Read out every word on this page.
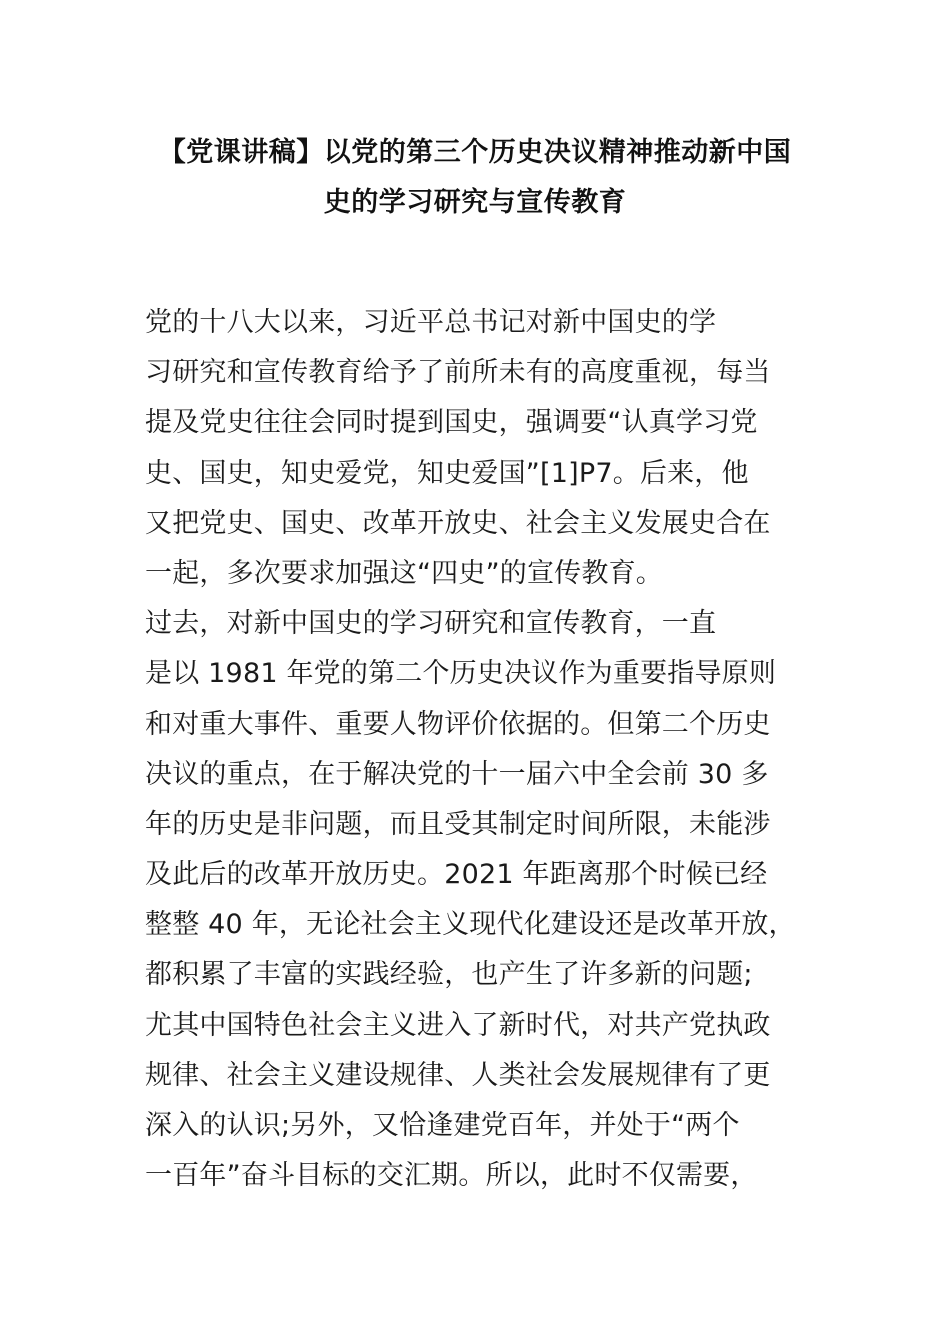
【党课讲稿】以党的第三个历史决议精神推动新中国
史的学习研究与宣传教育
党的十八大以来，习近平总书记对新中国史的学
习研究和宣传教育给予了前所未有的高度重视，每当
提及党史往往会同时提到国史，强调要“认真学习党
史、国史，知史爱党，知史爱国”[1]P7。后来，他
又把党史、国史、改革开放史、社会主义发展史合在
一起，多次要求加强这“四史”的宣传教育。
过去，对新中国史的学习研究和宣传教育，一直
是以 1981 年党的第二个历史决议作为重要指导原则
和对重大事件、重要人物评价依据的。但第二个历史
决议的重点，在于解决党的十一届六中全会前 30 多
年的历史是非问题，而且受其制定时间所限，未能涉
及此后的改革开放历史。2021 年距离那个时候已经
整整 40 年，无论社会主义现代化建设还是改革开放，
都积累了丰富的实践经验，也产生了许多新的问题;
尤其中国特色社会主义进入了新时代，对共产党执政
规律、社会主义建设规律、人类社会发展规律有了更
深入的认识;另外，又恰逢建党百年，并处于“两个
一百年”奋斗目标的交汇期。所以，此时不仅需要，
